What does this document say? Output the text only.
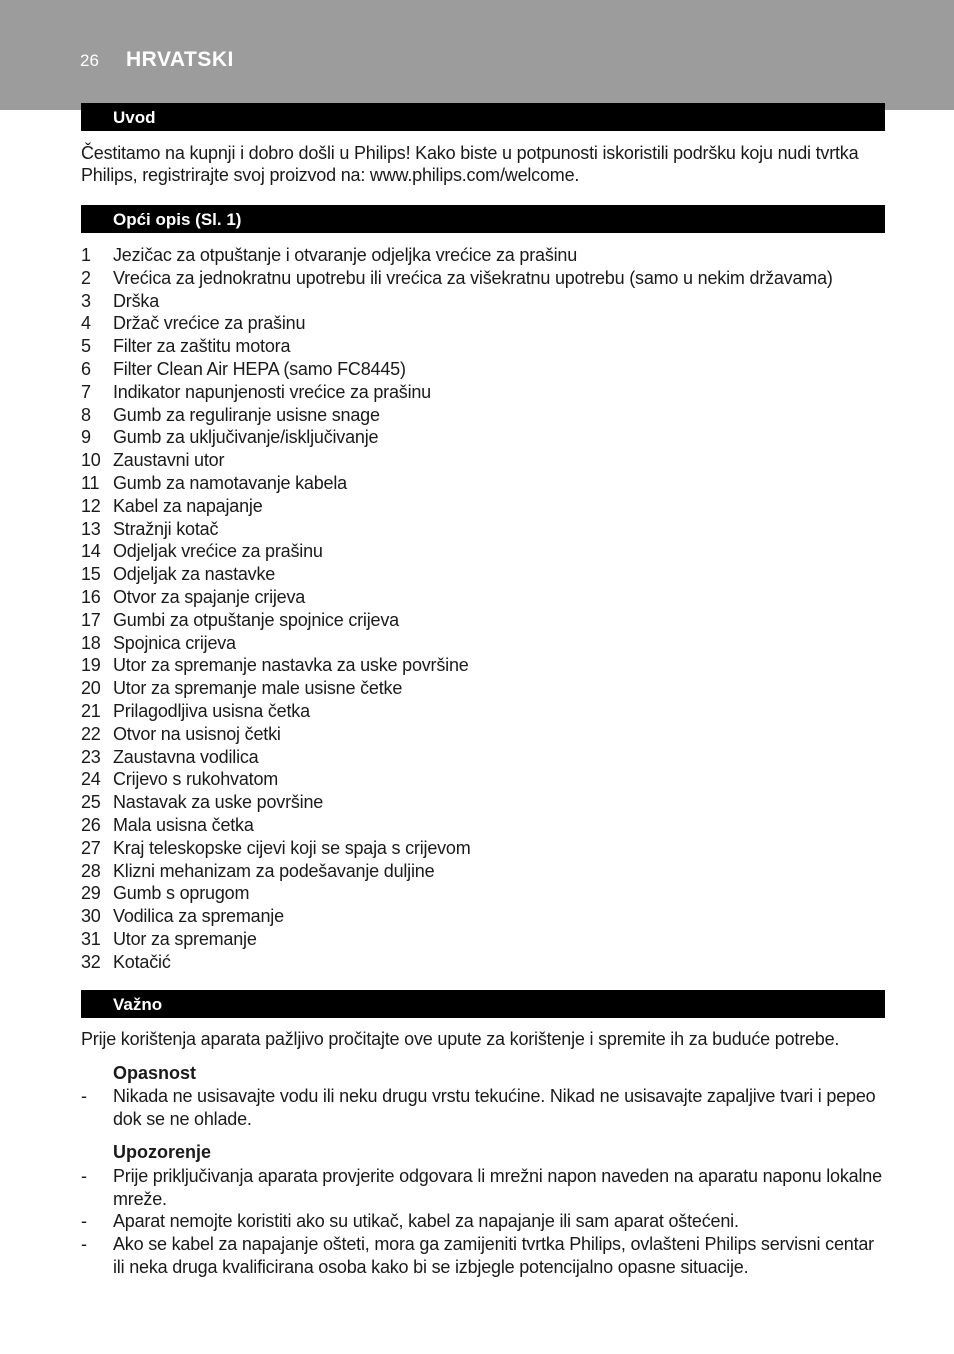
26 HRVATSKI
Uvod
Čestitamo na kupnji i dobro došli u Philips! Kako biste u potpunosti iskoristili podršku koju nudi tvrtka Philips, registrirajte svoj proizvod na: www.philips.com/welcome.
Opći opis (Sl. 1)
1 Jezičac za otpuštanje i otvaranje odjeljka vrećice za prašinu
2 Vrećica za jednokratnu upotrebu ili vrećica za višekratnu upotrebu (samo u nekim državama)
3 Drška
4 Držač vrećice za prašinu
5 Filter za zaštitu motora
6 Filter Clean Air HEPA (samo FC8445)
7 Indikator napunjenosti vrećice za prašinu
8 Gumb za reguliranje usisne snage
9 Gumb za uključivanje/isključivanje
10 Zaustavni utor
11 Gumb za namotavanje kabela
12 Kabel za napajanje
13 Stražnji kotač
14 Odjeljak vrećice za prašinu
15 Odjeljak za nastavke
16 Otvor za spajanje crijeva
17 Gumbi za otpuštanje spojnice crijeva
18 Spojnica crijeva
19 Utor za spremanje nastavka za uske površine
20 Utor za spremanje male usisne četke
21 Prilagodljiva usisna četka
22 Otvor na usisnoj četki
23 Zaustavna vodilica
24 Crijevo s rukohvatom
25 Nastavak za uske površine
26 Mala usisna četka
27 Kraj teleskopske cijevi koji se spaja s crijevom
28 Klizni mehanizam za podešavanje duljine
29 Gumb s oprugom
30 Vodilica za spremanje
31 Utor za spremanje
32 Kotačić
Važno
Prije korištenja aparata pažljivo pročitajte ove upute za korištenje i spremite ih za buduće potrebe.
Opasnost
- Nikada ne usisavajte vodu ili neku drugu vrstu tekućine. Nikad ne usisavajte zapaljive tvari i pepeo dok se ne ohlade.
Upozorenje
- Prije priključivanja aparata provjerite odgovara li mrežni napon naveden na aparatu naponu lokalne mreže.
- Aparat nemojte koristiti ako su utikač, kabel za napajanje ili sam aparat oštećeni.
- Ako se kabel za napajanje ošteti, mora ga zamijeniti tvrtka Philips, ovlašteni Philips servisni centar ili neka druga kvalificirana osoba kako bi se izbjegle potencijalno opasne situacije.
